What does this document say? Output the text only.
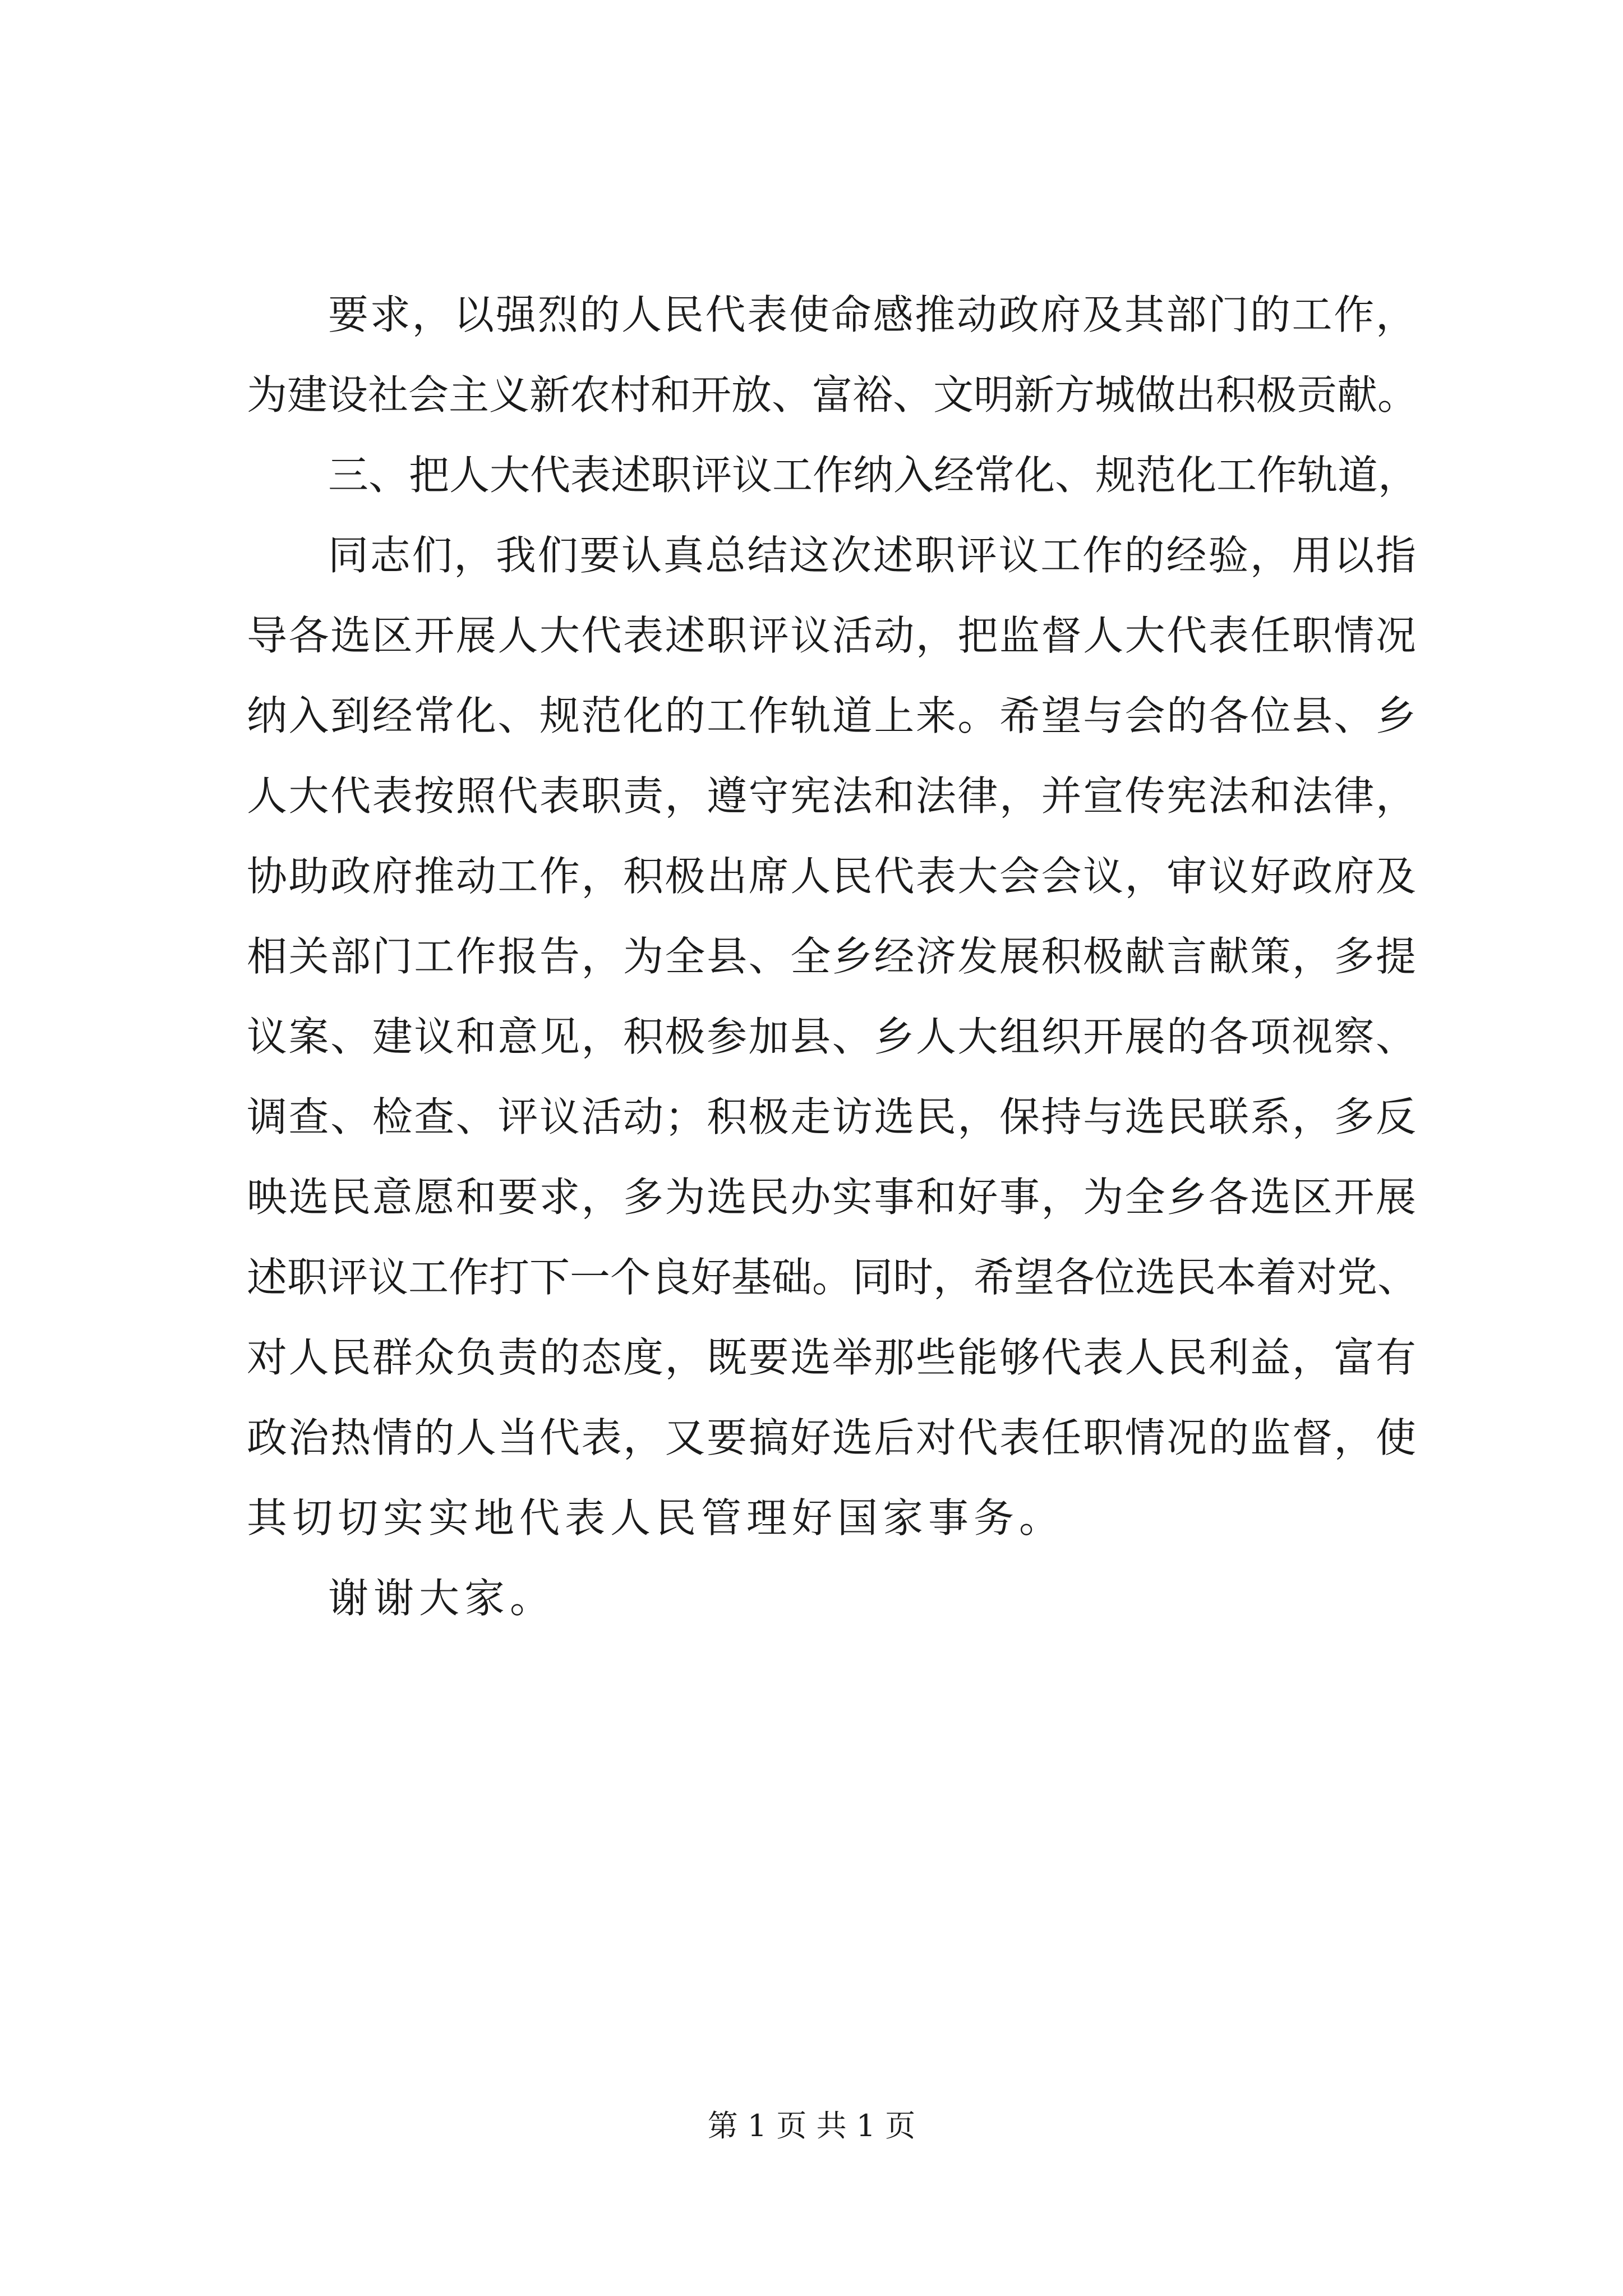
要求，以强烈的人民代表使命感推动政府及其部门的工作，
为建设社会主义新农村和开放、富裕、文明新方城做出积极贡献。
三、把人大代表述职评议工作纳入经常化、规范化工作轨道，
同志们，我们要认真总结这次述职评议工作的经验，用以指
导各选区开展人大代表述职评议活动，把监督人大代表任职情况
纳入到经常化、规范化的工作轨道上来。希望与会的各位县、乡
人大代表按照代表职责，遵守宪法和法律，并宣传宪法和法律，
协助政府推动工作，积极出席人民代表大会会议，审议好政府及
相关部门工作报告，为全县、全乡经济发展积极献言献策，多提
议案、建议和意见，积极参加县、乡人大组织开展的各项视察、
调查、检查、评议活动；积极走访选民，保持与选民联系，多反
映选民意愿和要求，多为选民办实事和好事，为全乡各选区开展
述职评议工作打下一个良好基础。同时，希望各位选民本着对党、
对人民群众负责的态度，既要选举那些能够代表人民利益，富有
政治热情的人当代表，又要搞好选后对代表任职情况的监督，使
其切切实实地代表人民管理好国家事务。
谢谢大家。
第 1 页 共 1 页
